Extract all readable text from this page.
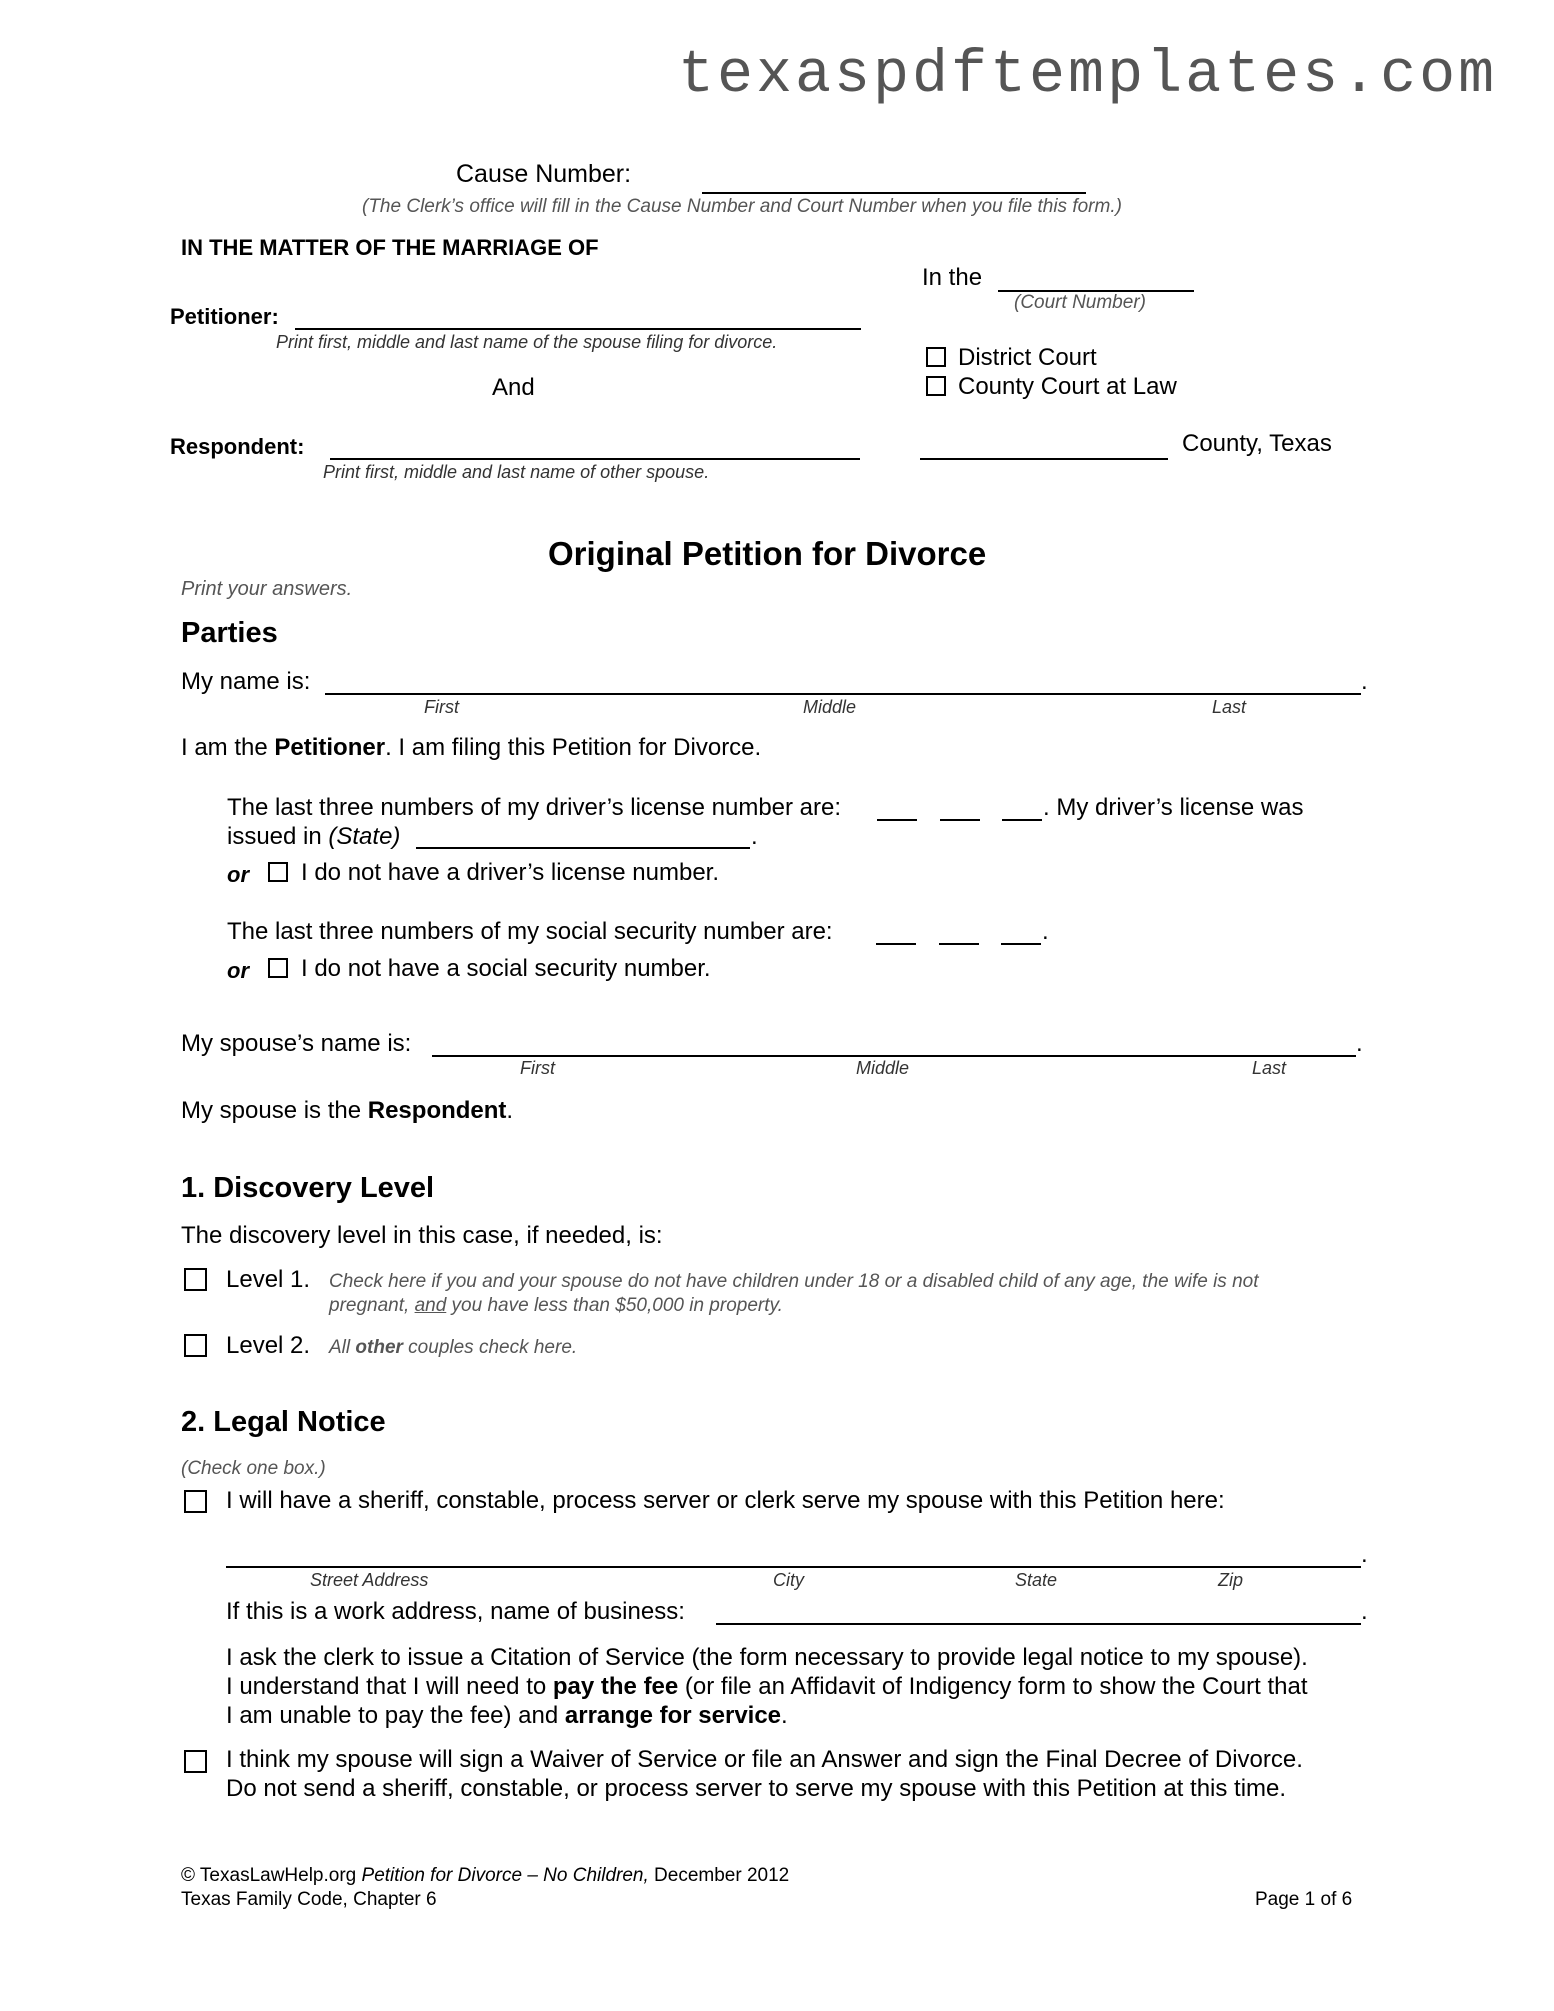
texaspdftemplates.com
Cause Number:
(The Clerk’s office will fill in the Cause Number and Court Number when you file this form.)
IN THE MATTER OF THE MARRIAGE OF
Petitioner:
Print first, middle and last name of the spouse filing for divorce.
And
Respondent:
Print first, middle and last name of other spouse.
In the
(Court Number)
District Court
County Court at Law
County, Texas
Original Petition for Divorce
Print your answers.
Parties
My name is:	.
First	Middle	Last
I am the Petitioner. I am filing this Petition for Divorce.
The last three numbers of my driver’s license number are:	. My driver’s license was
issued in (State)	.
or I do not have a driver’s license number.
The last three numbers of my social security number are:	.
or I do not have a social security number.
My spouse’s name is:	.
First	Middle	Last
My spouse is the Respondent.
1. Discovery Level
The discovery level in this case, if needed, is:
Level 1. Check here if you and your spouse do not have children under 18 or a disabled child of any age, the wife is not
pregnant, and you have less than $50,000 in property.
Level 2. All other couples check here.
2. Legal Notice
(Check one box.)
I will have a sheriff, constable, process server or clerk serve my spouse with this Petition here:
.
Street Address	City	State	Zip
If this is a work address, name of business:	.
I ask the clerk to issue a Citation of Service (the form necessary to provide legal notice to my spouse).
I understand that I will need to pay the fee (or file an Affidavit of Indigency form to show the Court that
I am unable to pay the fee) and arrange for service.
I think my spouse will sign a Waiver of Service or file an Answer and sign the Final Decree of Divorce.
Do not send a sheriff, constable, or process server to serve my spouse with this Petition at this time.
© TexasLawHelp.org Petition for Divorce – No Children, December 2012
Texas Family Code, Chapter 6	Page 1 of 6
